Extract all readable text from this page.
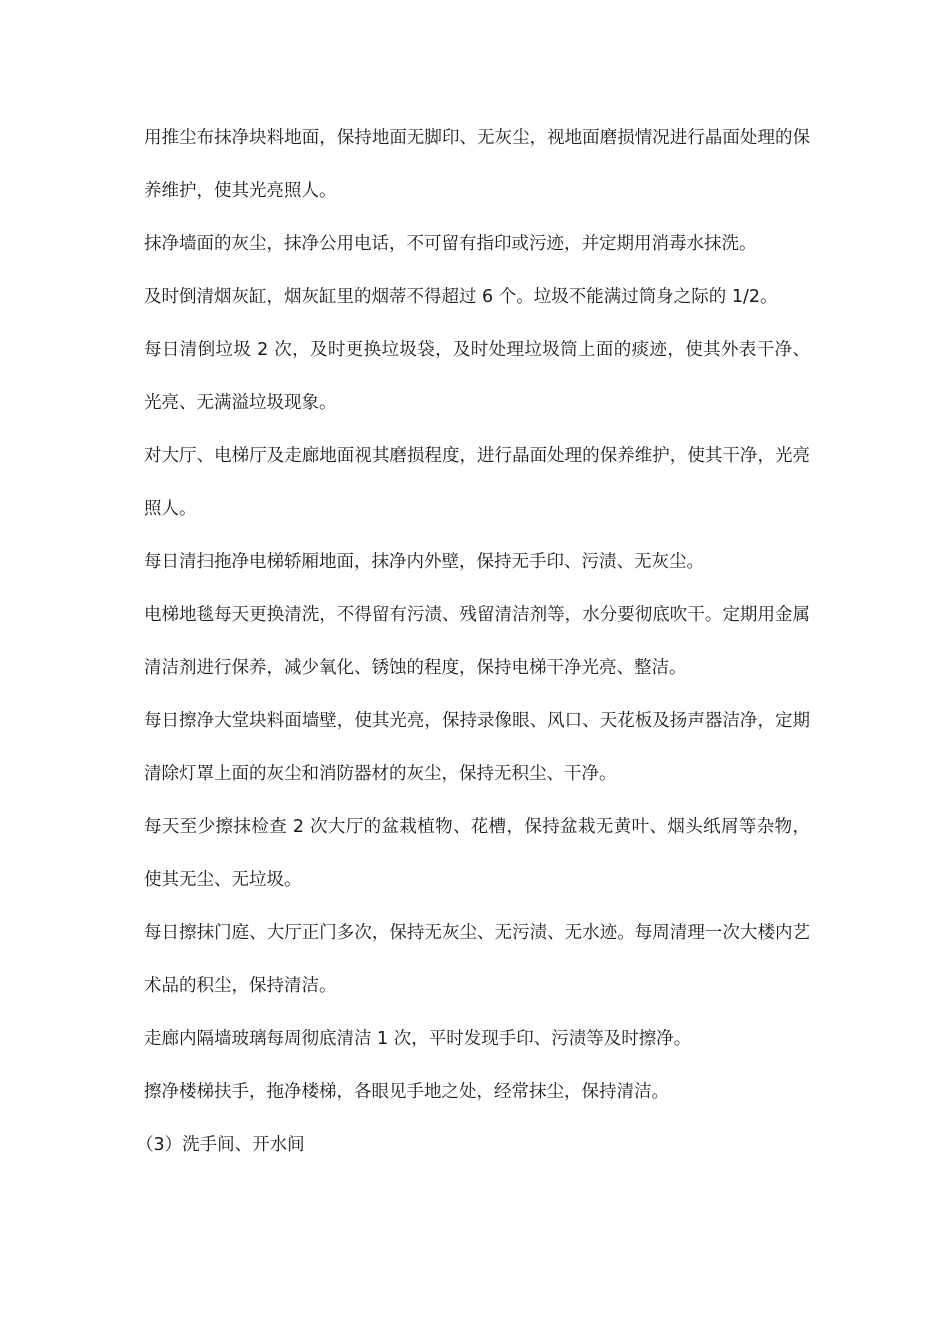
用推尘布抹净块料地面，保持地面无脚印、无灰尘，视地面磨损情况进行晶面处理的保养维护，使其光亮照人。

抹净墙面的灰尘，抹净公用电话，不可留有指印或污迹，并定期用消毒水抹洗。

及时倒清烟灰缸，烟灰缸里的烟蒂不得超过 6 个。垃圾不能满过筒身之际的 1/2。

每日清倒垃圾 2 次，及时更换垃圾袋，及时处理垃圾筒上面的痰迹，使其外表干净、光亮、无满溢垃圾现象。

对大厅、电梯厅及走廊地面视其磨损程度，进行晶面处理的保养维护，使其干净，光亮照人。

每日清扫拖净电梯轿厢地面，抹净内外壁，保持无手印、污渍、无灰尘。

电梯地毯每天更换清洗，不得留有污渍、残留清洁剂等，水分要彻底吹干。定期用金属清洁剂进行保养，减少氧化、锈蚀的程度，保持电梯干净光亮、整洁。

每日擦净大堂块料面墙壁，使其光亮，保持录像眼、风口、天花板及扬声器洁净，定期清除灯罩上面的灰尘和消防器材的灰尘，保持无积尘、干净。

每天至少擦抹检查 2 次大厅的盆栽植物、花槽，保持盆栽无黄叶、烟头纸屑等杂物，使其无尘、无垃圾。

每日擦抹门庭、大厅正门多次，保持无灰尘、无污渍、无水迹。每周清理一次大楼内艺术品的积尘，保持清洁。

走廊内隔墙玻璃每周彻底清洁 1 次，平时发现手印、污渍等及时擦净。

擦净楼梯扶手，拖净楼梯，各眼见手地之处，经常抹尘，保持清洁。

（3）洗手间、开水间
